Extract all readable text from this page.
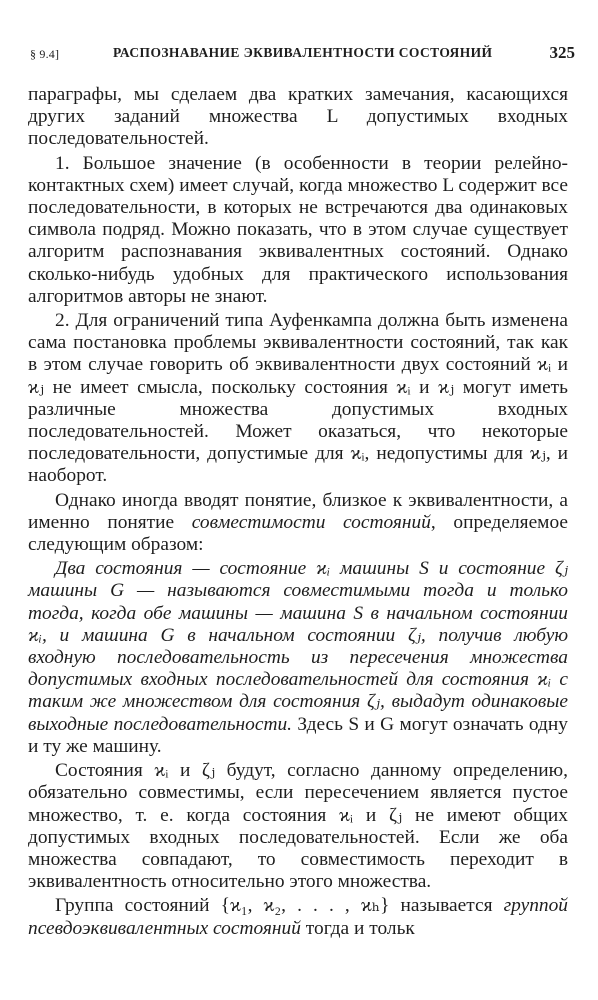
§ 9.4]	РАСПОЗНАВАНИЕ ЭКВИВАЛЕНТНОСТИ СОСТОЯНИЙ	325

параграфы, мы сделаем два кратких замечания, касающихся других заданий множества L допустимых входных последовательностей.

1. Большое значение (в особенности в теории релейно-контактных схем) имеет случай, когда множество L содержит все последовательности, в которых не встречаются два одинаковых символа подряд. Можно показать, что в этом случае существует алгоритм распознавания эквивалентных состояний. Однако сколько-нибудь удобных для практического использования алгоритмов авторы не знают.

2. Для ограничений типа Ауфенкампа должна быть изменена сама постановка проблемы эквивалентности состояний, так как в этом случае говорить об эквивалентности двух состояний ϰᵢ и ϰⱼ не имеет смысла, поскольку состояния ϰᵢ и ϰⱼ могут иметь различные множества допустимых входных последовательностей. Может оказаться, что некоторые последовательности, допустимые для ϰᵢ, недопустимы для ϰⱼ, и наоборот.

Однако иногда вводят понятие, близкое к эквивалентности, а именно понятие совместимости состояний, определяемое следующим образом:

Два состояния — состояние ϰᵢ машины S и состояние ζⱼ машины G — называются совместимыми тогда и только тогда, когда обе машины — машина S в начальном состоянии ϰᵢ, и машина G в начальном состоянии ζⱼ, получив любую входную последовательность из пересечения множества допустимых входных последовательностей для состояния ϰᵢ с таким же множеством для состояния ζⱼ, выдадут одинаковые выходные последовательности. Здесь S и G могут означать одну и ту же машину.

Состояния ϰᵢ и ζⱼ будут, согласно данному определению, обязательно совместимы, если пересечением является пустое множество, т. е. когда состояния ϰᵢ и ζⱼ не имеют общих допустимых входных последовательностей. Если же оба множества совпадают, то совместимость переходит в эквивалентность относительно этого множества.

Группа состояний {ϰ₁, ϰ₂, . . . , ϰₕ} называется группой псевдоэквивалентных состояний тогда и тольк
